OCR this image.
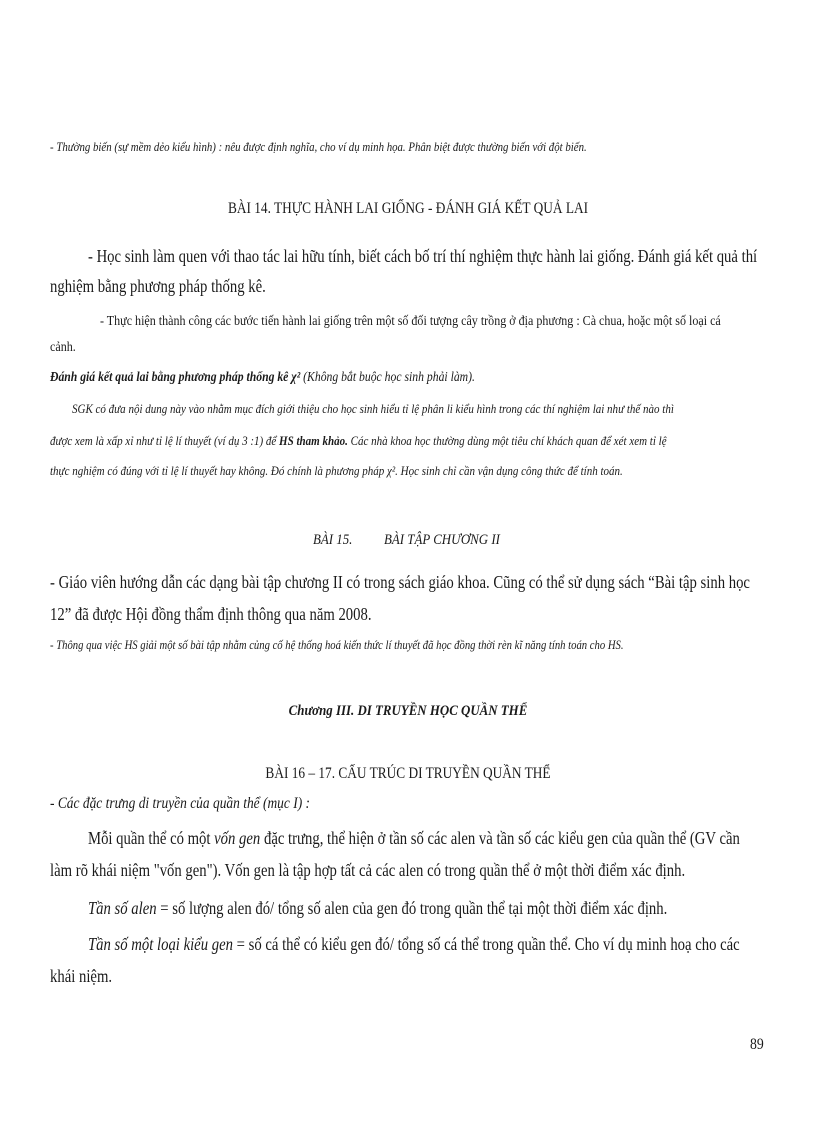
- Thường biến (sự mềm dẻo kiểu hình) : nêu được định nghĩa, cho ví dụ minh họa. Phân biệt được thường biến với đột biến.
BÀI 14. THỰC HÀNH LAI GIỐNG - ĐÁNH GIÁ KẾT QUẢ LAI
- Học sinh làm quen với thao tác lai hữu tính, biết cách bố trí thí nghiệm thực hành lai giống. Đánh giá kết quả thí
nghiệm bằng phương pháp thống kê.
- Thực hiện thành công các bước tiến hành lai giống trên một số đối tượng cây trồng ở địa phương : Cà chua, hoặc một số loại cá
cảnh.
Đánh giá kết quả lai bằng phương pháp thống kê χ² (Không bắt buộc học sinh phải làm).
SGK có đưa nội dung này vào nhằm mục đích giới thiệu cho học sinh hiểu tỉ lệ phân li kiểu hình trong các thí nghiệm lai như thế nào thì
được xem là xấp xỉ như tỉ lệ lí thuyết (ví dụ 3 :1) để HS tham khảo. Các nhà khoa học thường dùng một tiêu chí khách quan để xét xem tỉ lệ
thực nghiệm có đúng với tỉ lệ lí thuyết hay không. Đó chính là phương pháp χ². Học sinh chỉ cần vận dụng công thức để tính toán.
BÀI 15. BÀI TẬP CHƯƠNG II
- Giáo viên hướng dẫn các dạng bài tập chương II có trong sách giáo khoa. Cũng có thể sử dụng sách “Bài tập sinh học
12” đã được Hội đồng thẩm định thông qua năm 2008.
- Thông qua việc HS giải một số bài tập nhằm củng cố hệ thống hoá kiến thức lí thuyết đã học đồng thời rèn kĩ năng tính toán cho HS.
Chương III. DI TRUYỀN HỌC QUẦN THỂ
BÀI 16 – 17. CẤU TRÚC DI TRUYỀN QUẦN THỂ
- Các đặc trưng di truyền của quần thể (mục I) :
Mỗi quần thể có một vốn gen đặc trưng, thể hiện ở tần số các alen và tần số các kiểu gen của quần thể (GV cần
làm rõ khái niệm "vốn gen"). Vốn gen là tập hợp tất cả các alen có trong quần thể ở một thời điểm xác định.
Tần số alen = số lượng alen đó/ tổng số alen của gen đó trong quần thể tại một thời điểm xác định.
Tần số một loại kiểu gen = số cá thể có kiểu gen đó/ tổng số cá thể trong quần thể. Cho ví dụ minh hoạ cho các
khái niệm.
89
